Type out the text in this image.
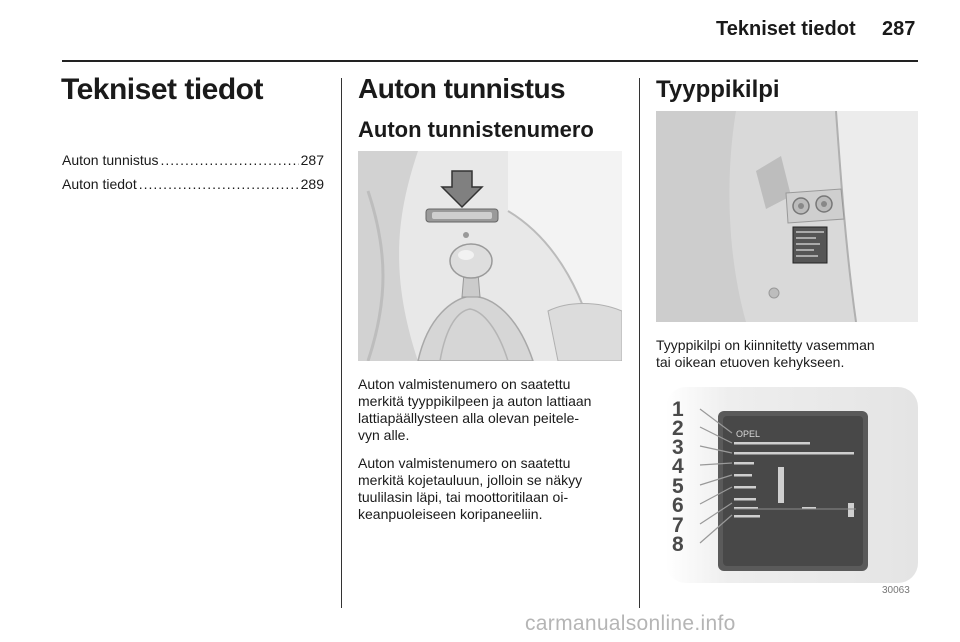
Tekniset tiedot 287
Tekniset tiedot
Auton tunnistus .....	287
Auton tiedot .....	289
Auton tunnistus
Auton tunnistenumero
Auton valmistenumero on saatettu
merkitä tyyppikilpeen ja auton lattiaan
lattiapäällysteen alla olevan peitele-
vyn alle.
Auton valmistenumero on saatettu
merkitä kojetauluun, jolloin se näkyy
tuulilasin läpi, tai moottoritilaan oi-
keanpuoleiseen koripaneeliin.
Tyyppikilpi
Tyyppikilpi on kiinnitetty vasemman
tai oikean etuoven kehykseen.
OPEL
1
2
3
4
5
6
7
8
30063
carmanualsonline.info
